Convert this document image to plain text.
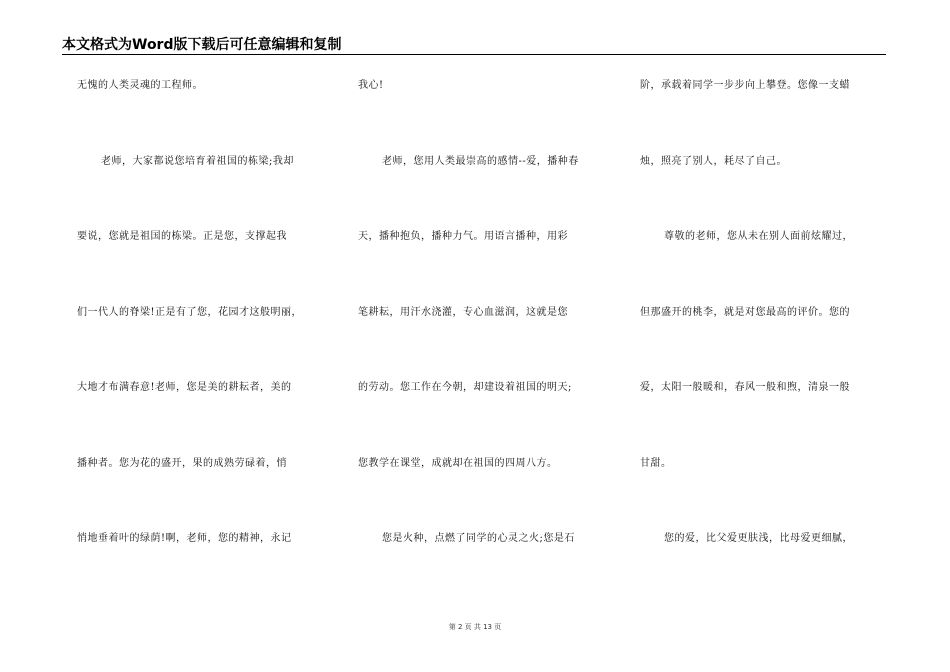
本文格式为Word版下载后可任意编辑和复制
无愧的人类灵魂的工程师。
老师，大家都说您培育着祖国的栋梁;我却
要说，您就是祖国的栋梁。正是您，支撑起我
们一代人的脊梁!正是有了您，花园才这般明丽，
大地才布满春意!老师，您是美的耕耘者，美的
播种者。您为花的盛开，果的成熟劳碌着，悄
悄地垂着叶的绿荫!啊，老师，您的精神，永记
我心!
老师，您用人类最崇高的感情--爱，播种春
天，播种抱负，播种力气。用语言播种，用彩
笔耕耘，用汗水浇灌，专心血滋润，这就是您
的劳动。您工作在今朝，却建设着祖国的明天;
您教学在课堂，成就却在祖国的四周八方。
您是火种，点燃了同学的心灵之火;您是石
阶，承载着同学一步步向上攀登。您像一支蜡
烛，照亮了别人，耗尽了自己。
尊敬的老师，您从未在别人面前炫耀过，
但那盛开的桃李，就是对您最高的评价。您的
爱，太阳一般暖和，春风一般和煦，清泉一般
甘甜。
您的爱，比父爱更肤浅，比母爱更细腻，
第 2 页 共 13 页
